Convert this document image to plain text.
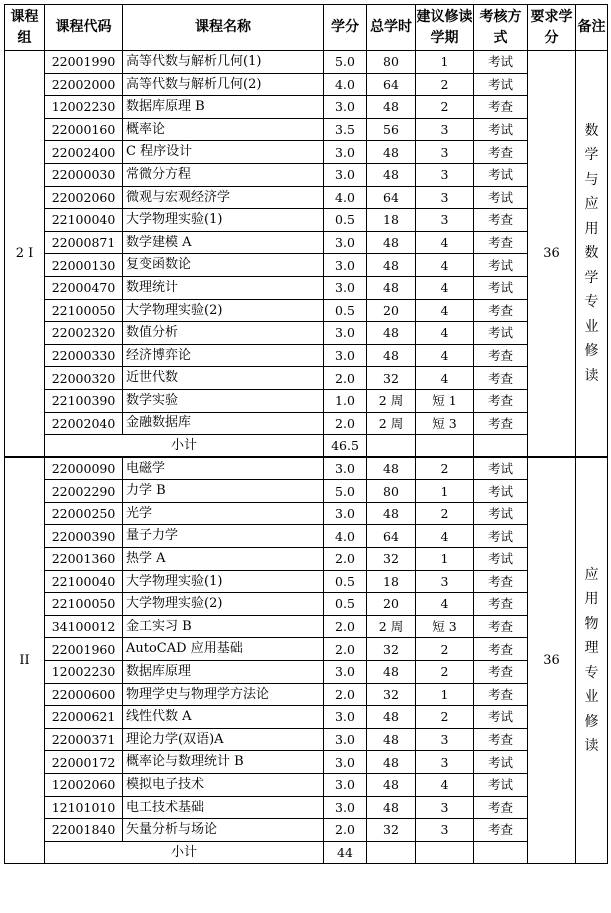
课程组	课程代码	课程名称	学分	总学时	建议修读学期	考核方式	要求学分	备注
2 Ⅰ	22001990	高等代数与解析几何(1)	5.0	80	1	考试	36	数学与应用数学专业修读

	22002000	高等代数与解析几何(2)	4.0	64	2	考试		
	12002230	数据库原理 B	3.0	48	2	考查		
	22000160	概率论	3.5	56	3	考试		
	22002400	C 程序设计	3.0	48	3	考查		
	22000030	常微分方程	3.0	48	3	考试		
	22002060	微观与宏观经济学	4.0	64	3	考试		
	22100040	大学物理实验(1)	0.5	18	3	考查		
	22000871	数学建模 A	3.0	48	4	考查		
	22000130	复变函数论	3.0	48	4	考试		
	22000470	数理统计	3.0	48	4	考试		
	22100050	大学物理实验(2)	0.5	20	4	考查		
	22002320	数值分析	3.0	48	4	考试		
	22000330	经济博弈论	3.0	48	4	考查		
	22000320	近世代数	2.0	32	4	考查		
	22100390	数学实验	1.0	2 周	短 1	考查		
	22002040	金融数据库	2.0	2 周	短 3	考查		
	小计		46.5					
II	22000090	电磁学	3.0	48	2	考试	36	应用物理专业修读

	22002290	力学 B	5.0	80	1	考试		
	22000250	光学	3.0	48	2	考试		
	22000390	量子力学	4.0	64	4	考试		
	22001360	热学 A	2.0	32	1	考试		
	22100040	大学物理实验(1)	0.5	18	3	考查		
	22100050	大学物理实验(2)	0.5	20	4	考查		
	34100012	金工实习 B	2.0	2 周	短 3	考查		
	22001960	AutoCAD 应用基础	2.0	32	2	考查		
	12002230	数据库原理	3.0	48	2	考查		
	22000600	物理学史与物理学方法论	2.0	32	1	考查		
	22000621	线性代数 A	3.0	48	2	考试		
	22000371	理论力学(双语)A	3.0	48	3	考查		
	22000172	概率论与数理统计 B	3.0	48	3	考试		
	12002060	模拟电子技术	3.0	48	4	考试		
	12101010	电工技术基础	3.0	48	3	考查		
	22001840	矢量分析与场论	2.0	32	3	考查		
	小计		44					
